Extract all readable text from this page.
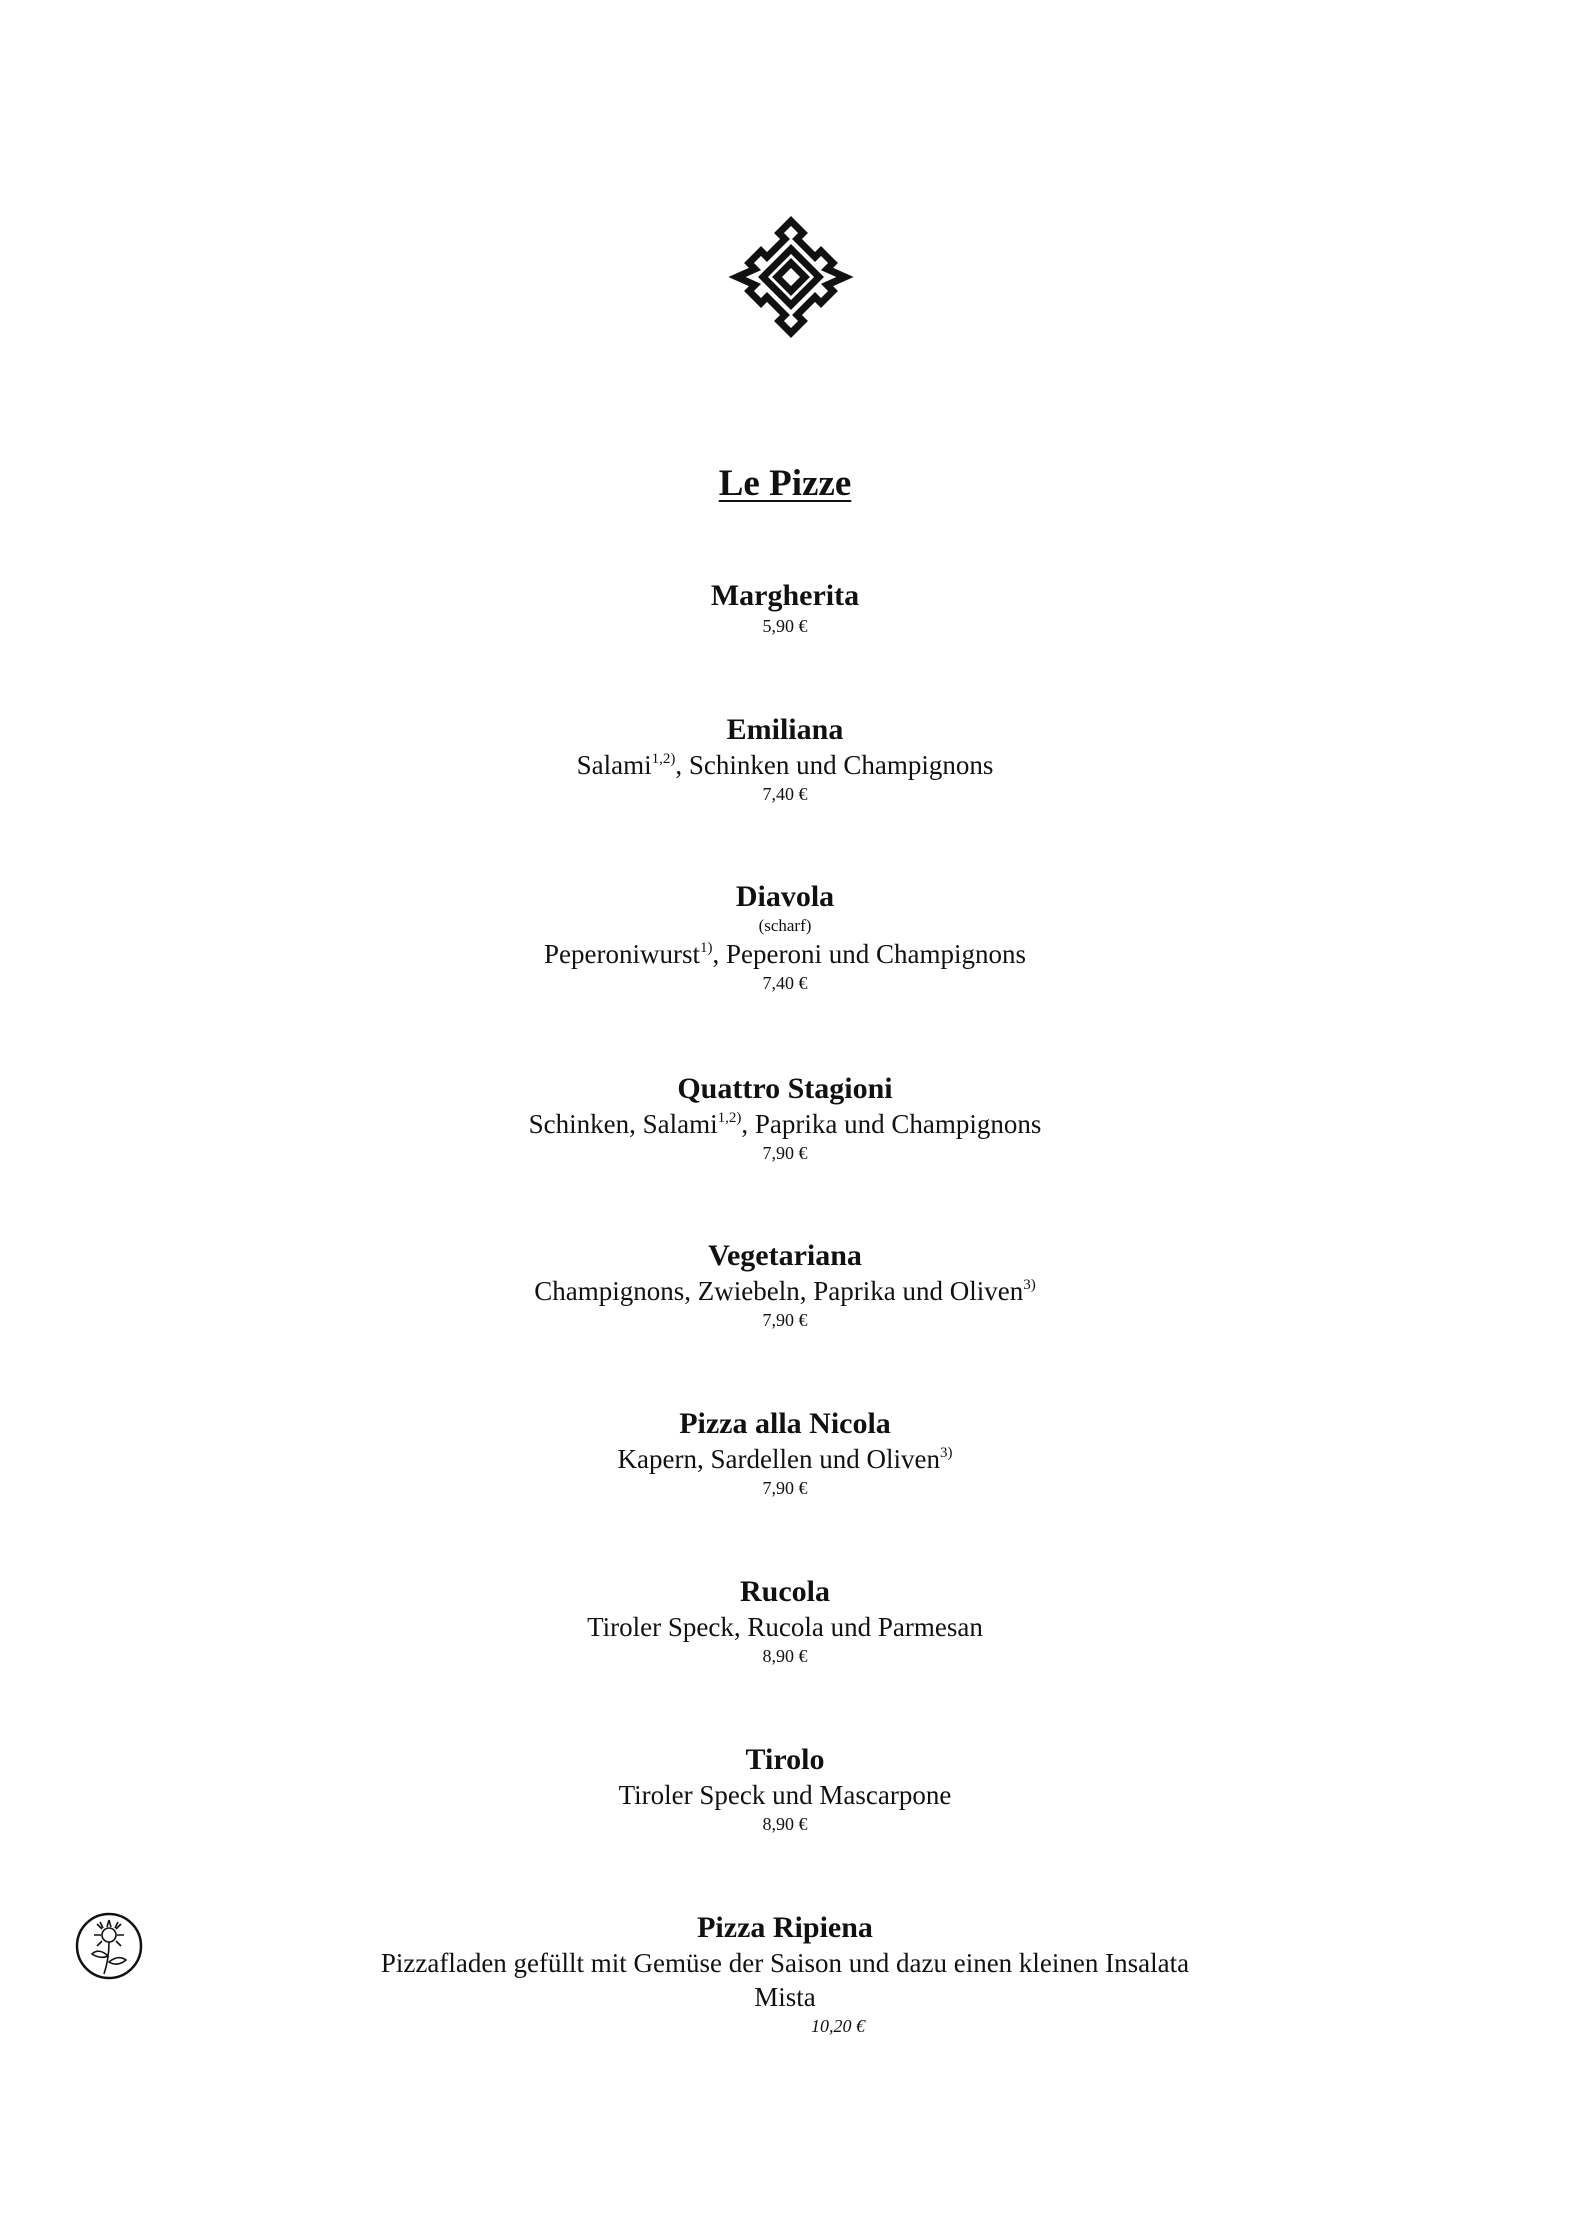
Le Pizze
Margherita
5,90 €
Emiliana
Salami$^{1,2)}$, Schinken und Champignons
7,40 €
Diavola
(scharf)
Peperoniwurst$^{1)}$, Peperoni und Champignons
7,40 €
Quattro Stagioni
Schinken, Salami$^{1,2)}$, Paprika und Champignons
7,90 €
Vegetariana
Champignons, Zwiebeln, Paprika und Oliven$^{3)}$
7,90 €
Pizza alla Nicola
Kapern, Sardellen und Oliven$^{3)}$
7,90 €
Rucola
Tiroler Speck, Rucola und Parmesan
8,90 €
Tirolo
Tiroler Speck und Mascarpone
8,90 €
Pizza Ripiena
Pizzafladen gefüllt mit Gemüse der Saison und dazu einen kleinen Insalata Mista
10,20 €
